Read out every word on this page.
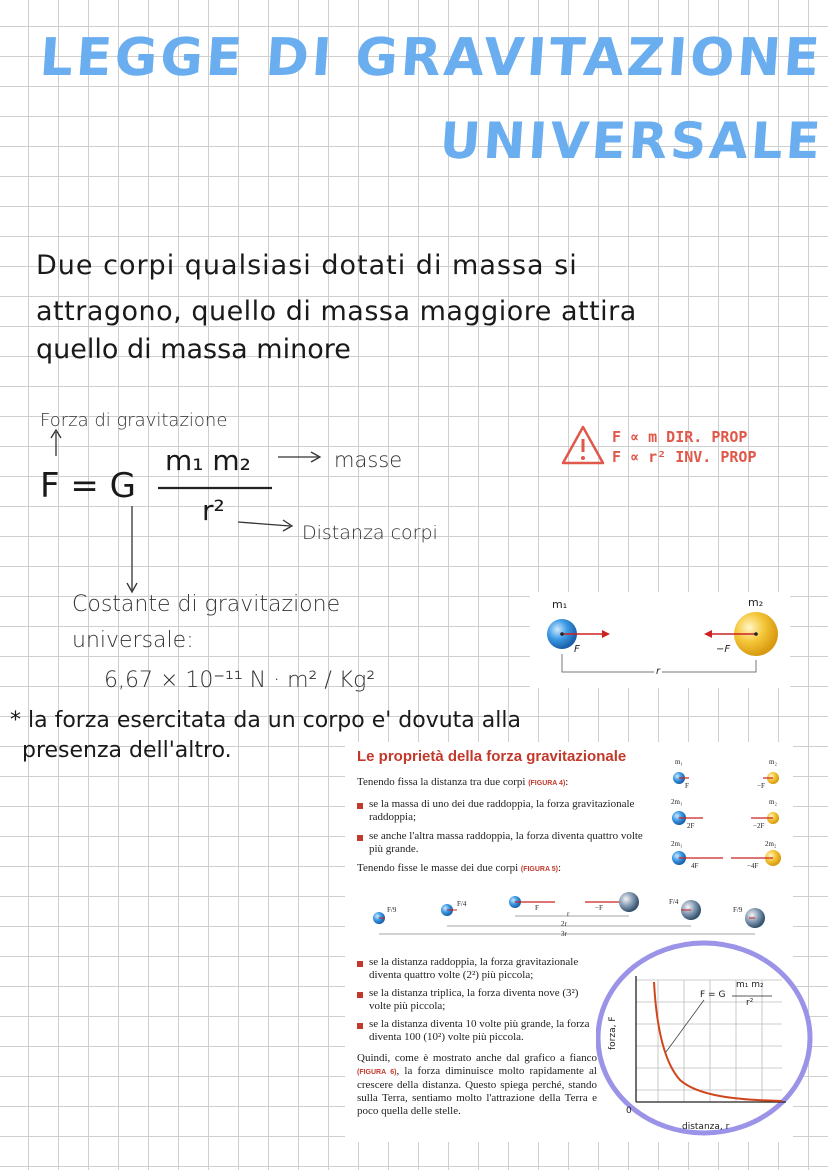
LEGGE DI GRAVITAZIONE
UNIVERSALE
Due corpi qualsiasi dotati di massa si
attragono, quello di massa maggiore attira
quello di massa minore
Forza di gravitazione
F = G
m₁ m₂
r²
masse
Distanza corpi
Costante di gravitazione
universale:
6,67 × 10⁻¹¹ N · m² / Kg²
F ∝ m DIR. PROP
F ∝ r² INV. PROP
m₁	m₂
F	−F
r
* la forza esercitata da un corpo e' dovuta alla
presenza dell'altro.	Le proprietà della forza gravitazionale

Tenendo fissa la distanza tra due corpi (FIGURA 4):

se la massa di uno dei due raddoppia, la forza gravitazionale raddoppia;

se anche l'altra massa raddoppia, la forza diventa quattro volte più grande.

Tenendo fisse le masse dei due corpi (FIGURA 5):

m₁	m₂
F	−F
2m₁	m₂
2F	−2F
2m₁	2m₂
4F	−4F
F/9
F/4	F	−F
F/4
F/9
r
2r
3r

se la distanza raddoppia, la forza gravitazionale diventa quattro volte (2²) più piccola;

se la distanza triplica, la forza diventa nove (3²) volte più piccola;

se la distanza diventa 10 volte più grande, la forza diventa 100 (10²) volte più piccola.

Quindi, come è mostrato anche dal grafico a fianco (FIGURA 6), la forza diminuisce molto rapidamente al crescere della distanza. Questo spiega perché, stando sulla Terra, sentiamo molto l'attrazione della Terra e poco quella delle stelle.

forza, F
distanza, r
0
F = G
m₁ m₂
r²
